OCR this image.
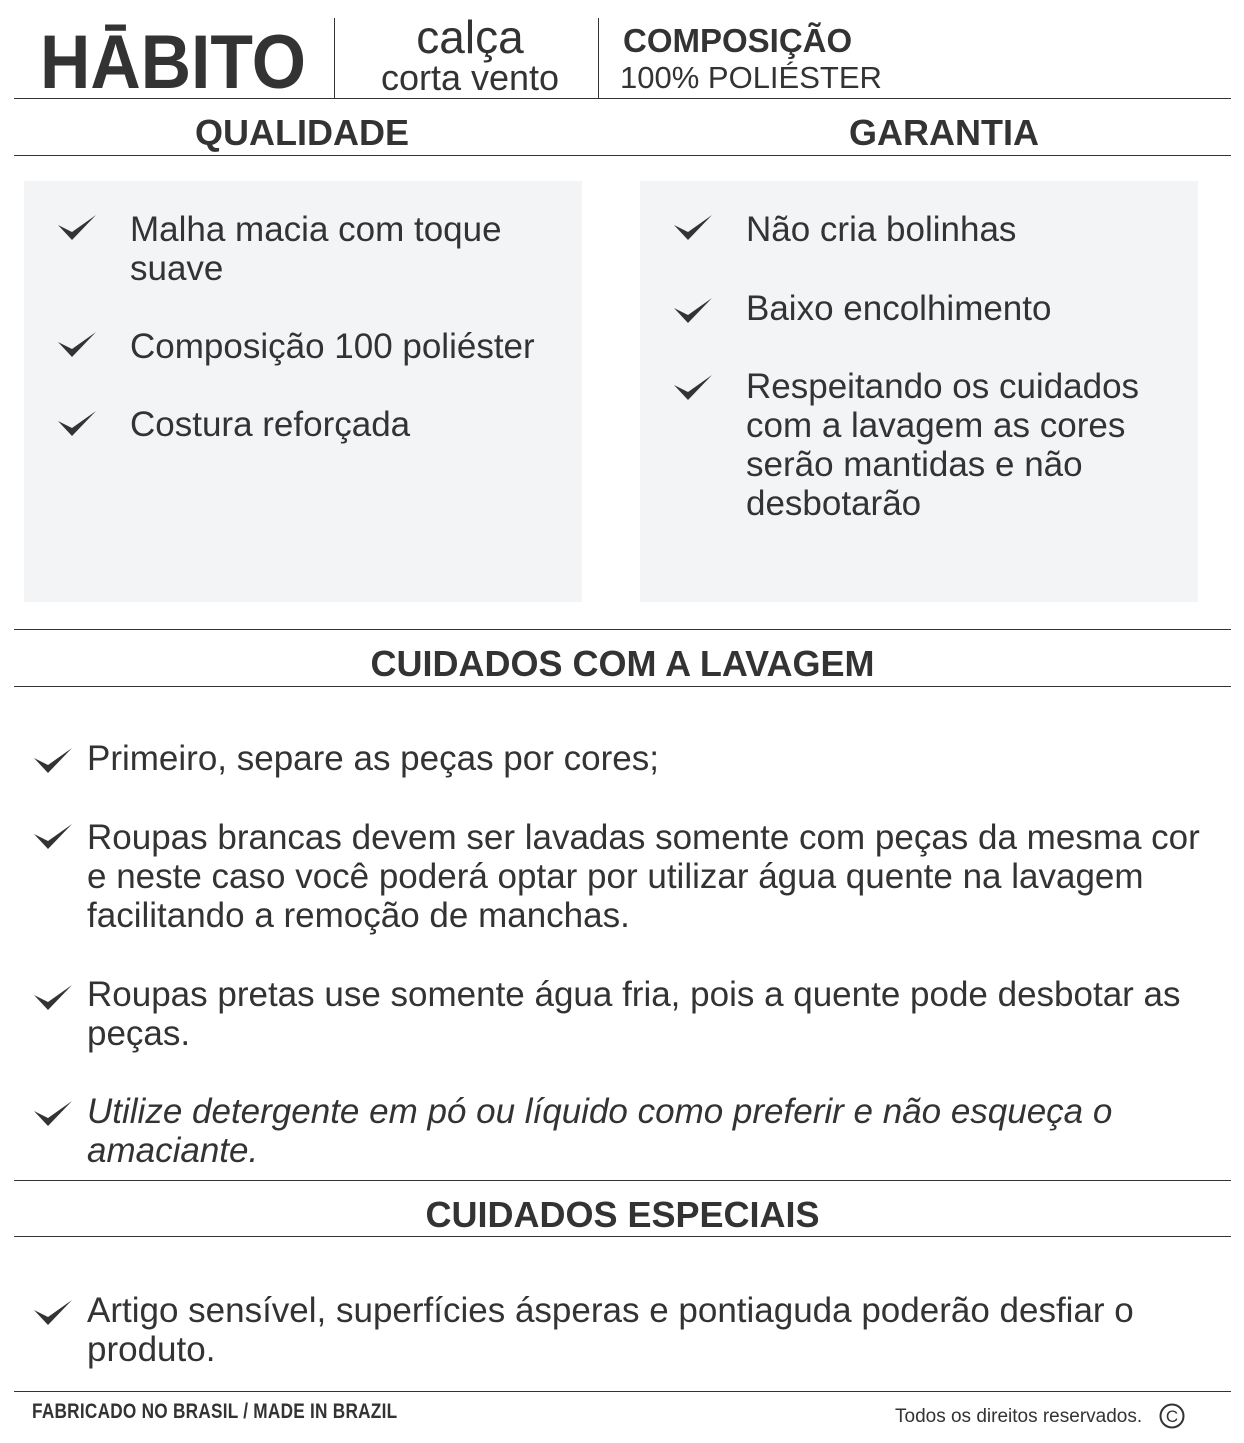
HĀBITO	calça
corta vento
COMPOSIÇÃO
100% POLIÉSTER
QUALIDADE	GARANTIA
Malha macia com toque suave
Composição 100 poliéster
Costura reforçada
Não cria bolinhas
Baixo encolhimento
Respeitando os cuidados com a lavagem as cores serão mantidas e não desbotarão
CUIDADOS COM A LAVAGEM
Primeiro, separe as peças por cores;
Roupas brancas devem ser lavadas somente com peças da mesma cor e neste caso você poderá optar por utilizar água quente na lavagem facilitando a remoção de manchas.
Roupas pretas use somente água fria, pois a quente pode desbotar as peças.
Utilize detergente em pó ou líquido como preferir e não esqueça o amaciante.
CUIDADOS ESPECIAIS
Artigo sensível, superfícies ásperas e pontiaguda poderão desfiar o produto.
FABRICADO NO BRASIL / MADE IN BRAZIL	Todos os direitos reservados. C
